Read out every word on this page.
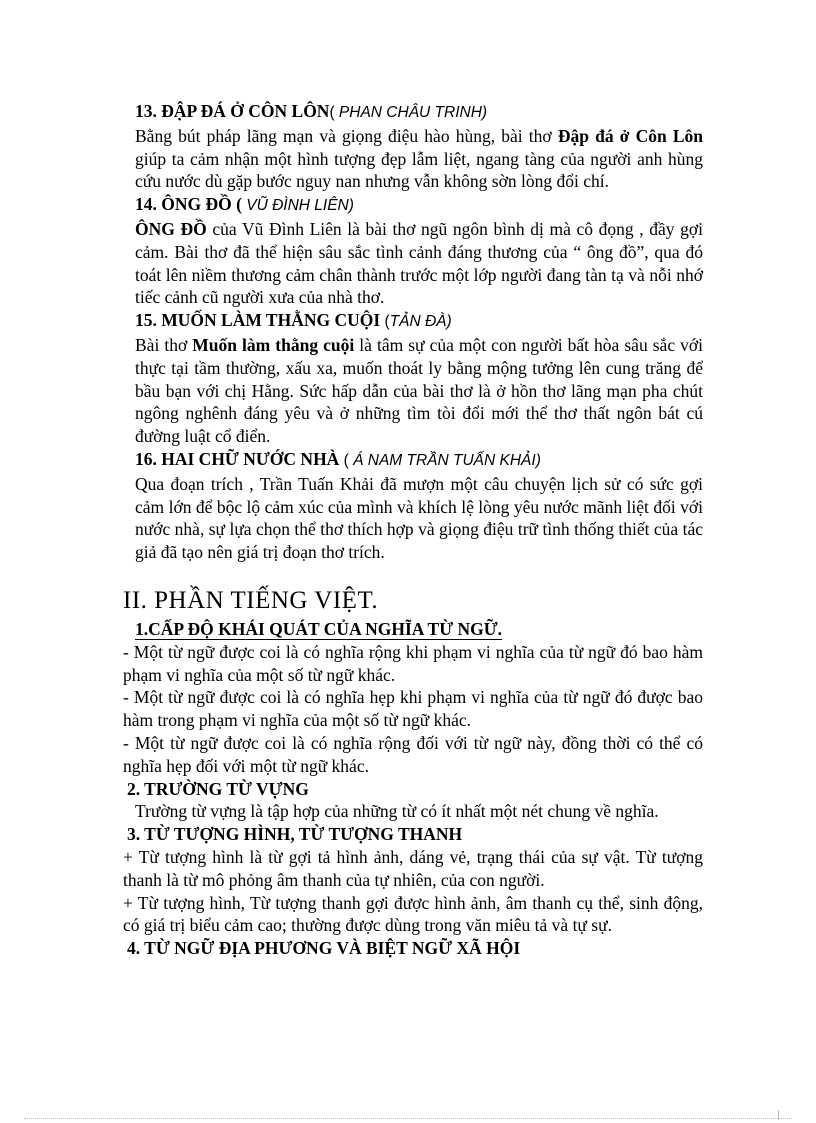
13. ĐẬP ĐÁ Ở CÔN LÔN( PHAN CHÂU TRINH)

Bằng bút pháp lãng mạn và giọng điệu hào hùng, bài thơ Đập đá ở Côn Lôn giúp ta cảm nhận một hình tượng đẹp lẫm liệt, ngang tàng của người anh hùng cứu nước dù gặp bước nguy nan nhưng vẫn không sờn lòng đổi chí.

14. ÔNG ĐỒ ( VŨ ĐÌNH LIÊN)

ÔNG ĐỒ của Vũ Đình Liên là bài thơ ngũ ngôn bình dị mà cô đọng , đầy gợi cảm. Bài thơ đã thể hiện sâu sắc tình cảnh đáng thương của “ ông đồ”, qua đó toát lên niềm thương cảm chân thành trước một lớp người đang tàn tạ và nỗi nhớ tiếc cảnh cũ người xưa của nhà thơ.

15. MUỐN LÀM THẰNG CUỘI (TẢN ĐÀ)

Bài thơ Muốn làm thằng cuội là tâm sự của một con người bất hòa sâu sắc với thực tại tầm thường, xấu xa, muốn thoát ly bằng mộng tưởng lên cung trăng để bầu bạn với chị Hằng. Sức hấp dẫn của bài thơ là ở hồn thơ lãng mạn pha chút ngông nghênh đáng yêu và ở những tìm tòi đổi mới thể thơ thất ngôn bát cú đường luật cổ điển.

16. HAI CHỮ NƯỚC NHÀ ( Á NAM TRẦN TUẤN KHẢI)

Qua đoạn trích , Trần Tuấn Khải đã mượn một câu chuyện lịch sử có sức gợi cảm lớn để bộc lộ cảm xúc của mình và khích lệ lòng yêu nước mãnh liệt đối với nước nhà, sự lựa chọn thể thơ thích hợp và giọng điệu trữ tình thống thiết của tác giả đã tạo nên giá trị đoạn thơ trích.

II. PHẦN TIẾNG VIỆT.

1.CẤP ĐỘ KHÁI QUÁT CỦA NGHĨA TỪ NGỮ.

- Một từ ngữ được coi là có nghĩa rộng khi phạm vi nghĩa của từ ngữ đó bao hàm phạm vi nghĩa của một số từ ngữ khác.

- Một từ ngữ được coi là có nghĩa hẹp khi phạm vi nghĩa của từ ngữ đó được bao hàm trong phạm vi nghĩa của một số từ ngữ khác.

- Một từ ngữ được coi là có nghĩa rộng đối với từ ngữ này, đồng thời có thể có nghĩa hẹp đối với một từ ngữ khác.

2. TRƯỜNG TỪ VỰNG

Trường từ vựng là tập hợp của những từ có ít nhất một nét chung về nghĩa.

3. TỪ TƯỢNG HÌNH, TỪ TƯỢNG THANH

+ Từ tượng hình là từ gợi tả hình ảnh, dáng vẻ, trạng thái của sự vật. Từ tượng thanh là từ mô phỏng âm thanh của tự nhiên, của con người.

+ Từ tượng hình, Từ tượng thanh gợi được hình ảnh, âm thanh cụ thể, sinh động, có giá trị biểu cảm cao; thường được dùng trong văn miêu tả và tự sự.

4. TỪ NGỮ ĐỊA PHƯƠNG VÀ BIỆT NGỮ XÃ HỘI
